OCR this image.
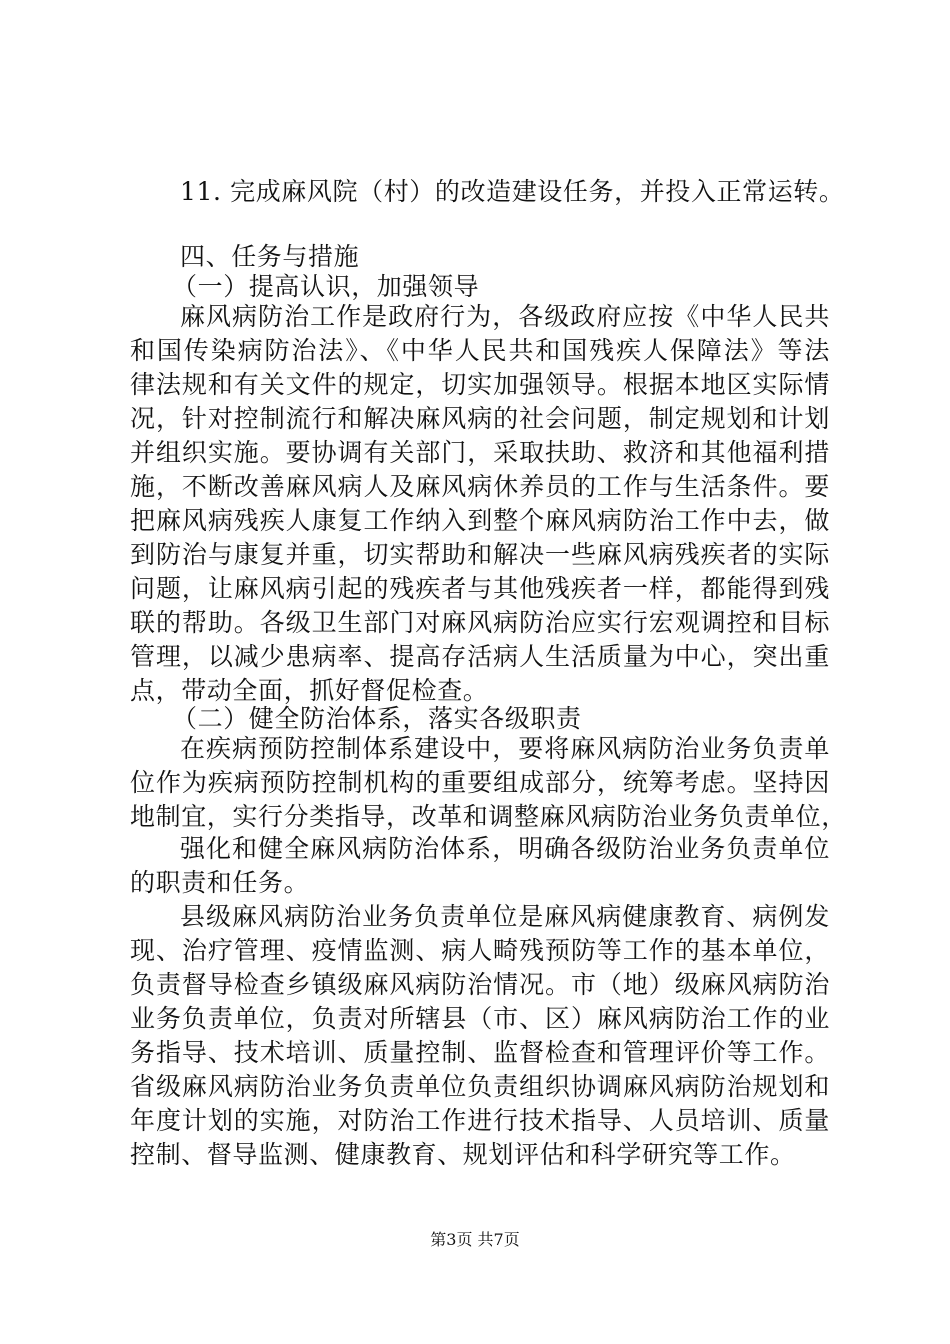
11. 完成麻风院（村）的改造建设任务，并投入正常运转。
四、任务与措施
（一）提高认识，加强领导
麻风病防治工作是政府行为，各级政府应按《中华人民共
和国传染病防治法》、《中华人民共和国残疾人保障法》等法
律法规和有关文件的规定，切实加强领导。根据本地区实际情
况，针对控制流行和解决麻风病的社会问题，制定规划和计划
并组织实施。要协调有关部门，采取扶助、救济和其他福利措
施，不断改善麻风病人及麻风病休养员的工作与生活条件。要
把麻风病残疾人康复工作纳入到整个麻风病防治工作中去，做
到防治与康复并重，切实帮助和解决一些麻风病残疾者的实际
问题，让麻风病引起的残疾者与其他残疾者一样，都能得到残
联的帮助。各级卫生部门对麻风病防治应实行宏观调控和目标
管理，以减少患病率、提高存活病人生活质量为中心，突出重
点，带动全面，抓好督促检查。
（二）健全防治体系，落实各级职责
在疾病预防控制体系建设中，要将麻风病防治业务负责单
位作为疾病预防控制机构的重要组成部分，统筹考虑。坚持因
地制宜，实行分类指导，改革和调整麻风病防治业务负责单位，
强化和健全麻风病防治体系，明确各级防治业务负责单位
的职责和任务。
县级麻风病防治业务负责单位是麻风病健康教育、病例发
现、治疗管理、疫情监测、病人畸残预防等工作的基本单位，
负责督导检查乡镇级麻风病防治情况。市（地）级麻风病防治
业务负责单位，负责对所辖县（市、区）麻风病防治工作的业
务指导、技术培训、质量控制、监督检查和管理评价等工作。
省级麻风病防治业务负责单位负责组织协调麻风病防治规划和
年度计划的实施，对防治工作进行技术指导、人员培训、质量
控制、督导监测、健康教育、规划评估和科学研究等工作。
第3页 共7页
